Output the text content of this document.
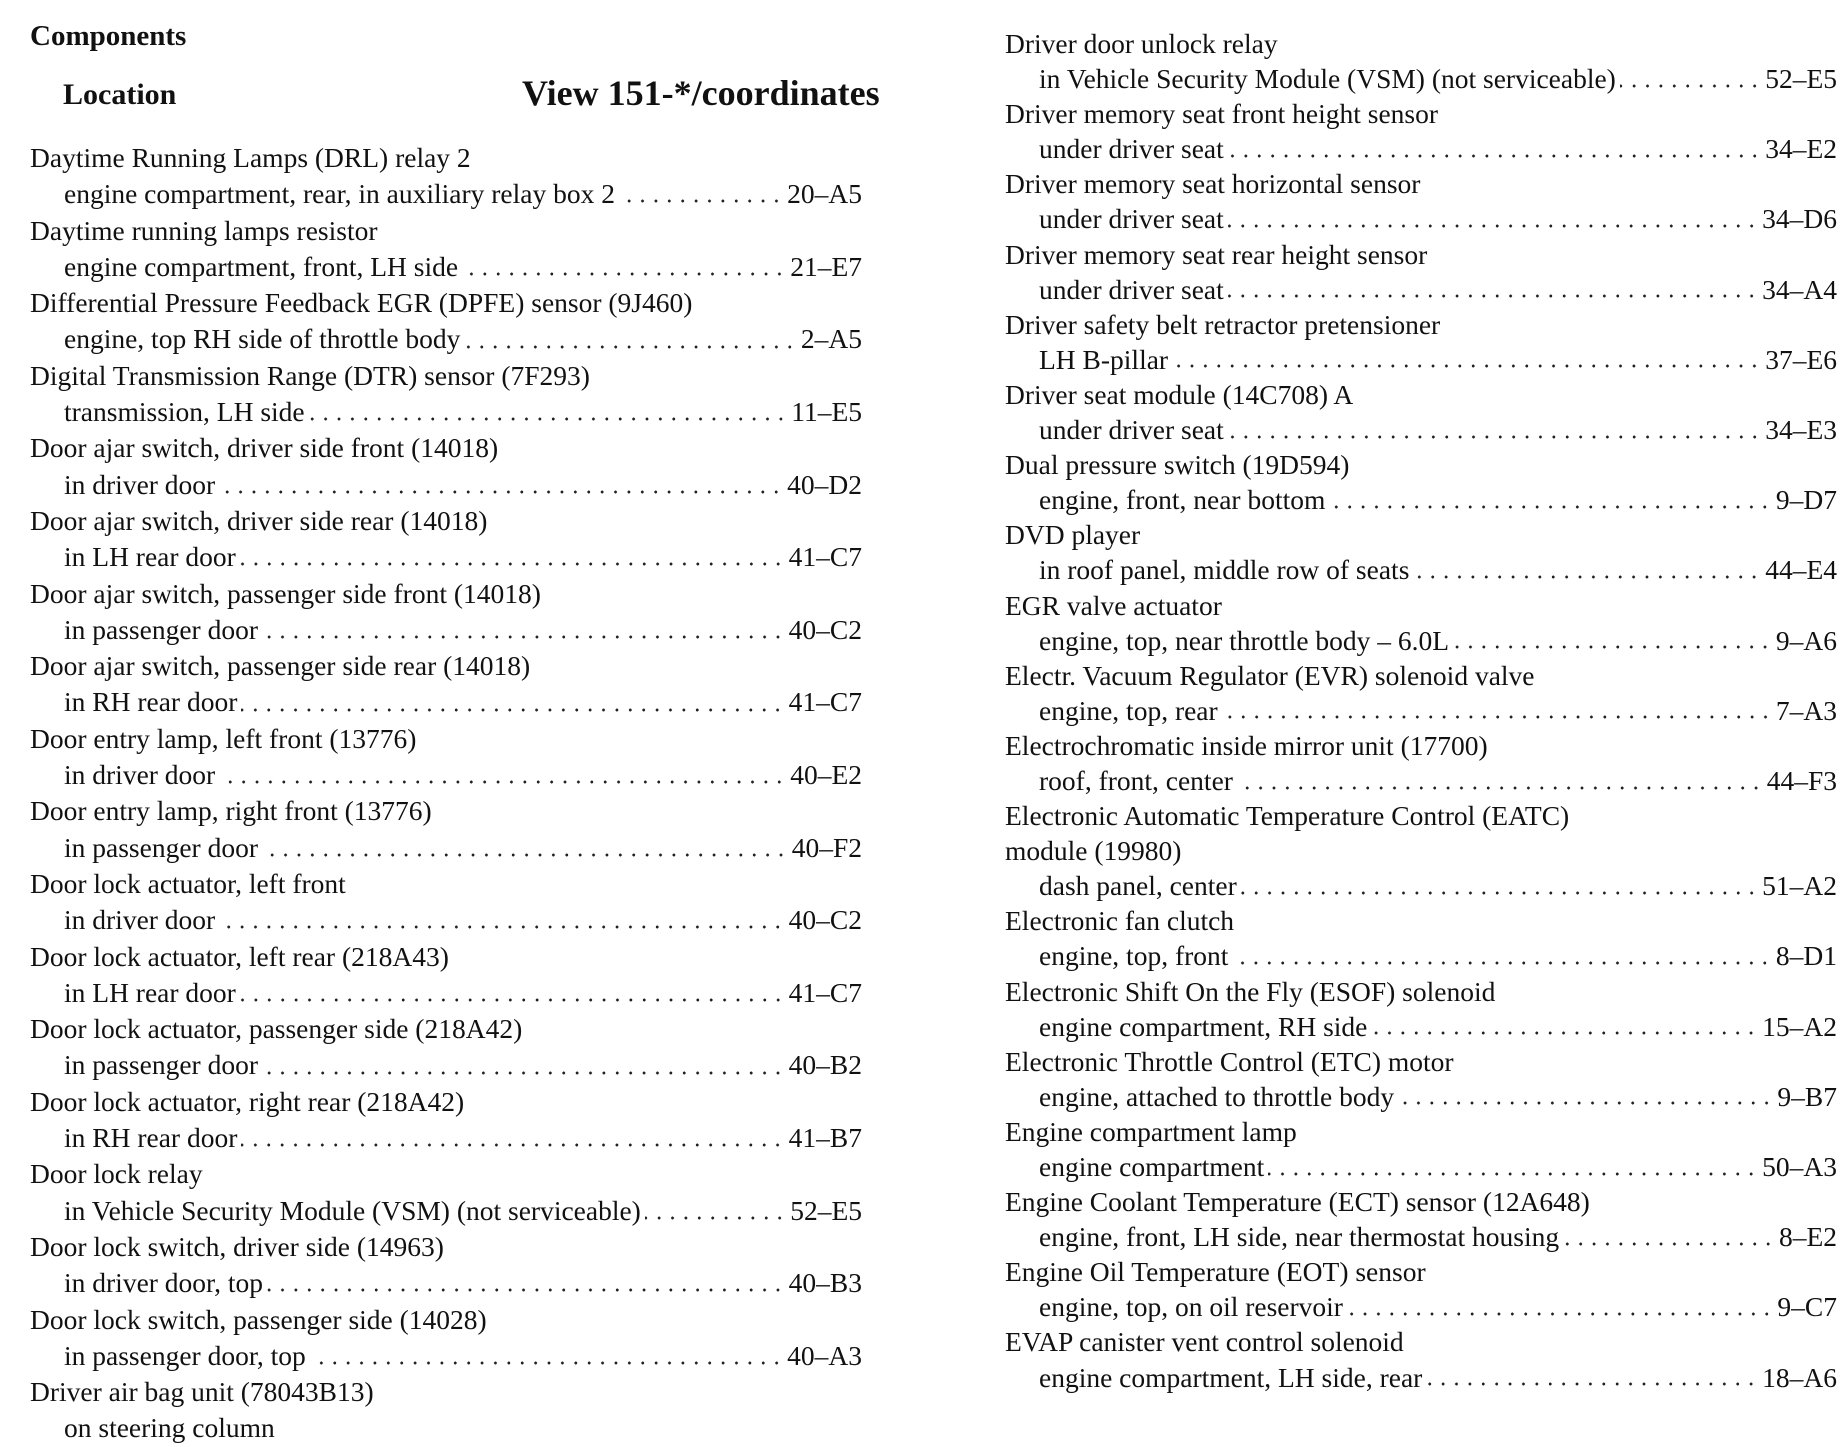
Components
Location	View 151-*/coordinates
Daytime Running Lamps (DRL) relay 2
engine compartment, rear, in auxiliary relay box 2	20–A5
Daytime running lamps resistor
engine compartment, front, LH side	21–E7
Differential Pressure Feedback EGR (DPFE) sensor (9J460)
engine, top RH side of throttle body	2–A5
Digital Transmission Range (DTR) sensor (7F293)
transmission, LH side	11–E5
Door ajar switch, driver side front (14018)
in driver door	40–D2
Door ajar switch, driver side rear (14018)
in LH rear door	41–C7
Door ajar switch, passenger side front (14018)
in passenger door	40–C2
Door ajar switch, passenger side rear (14018)
in RH rear door	41–C7
Door entry lamp, left front (13776)
in driver door	40–E2
Door entry lamp, right front (13776)
in passenger door	40–F2
Door lock actuator, left front
in driver door	40–C2
Door lock actuator, left rear (218A43)
in LH rear door	41–C7
Door lock actuator, passenger side (218A42)
in passenger door	40–B2
Door lock actuator, right rear (218A42)
in RH rear door	41–B7
Door lock relay
in Vehicle Security Module (VSM) (not serviceable)	52–E5
Door lock switch, driver side (14963)
in driver door, top	40–B3
Door lock switch, passenger side (14028)
in passenger door, top	40–A3
Driver air bag unit (78043B13)
on steering column
Driver door unlock relay
in Vehicle Security Module (VSM) (not serviceable)	52–E5
Driver memory seat front height sensor
under driver seat	34–E2
Driver memory seat horizontal sensor
under driver seat	34–D6
Driver memory seat rear height sensor
under driver seat	34–A4
Driver safety belt retractor pretensioner
LH B-pillar	37–E6
Driver seat module (14C708) A
under driver seat	34–E3
Dual pressure switch (19D594)
engine, front, near bottom	9–D7
DVD player
in roof panel, middle row of seats	44–E4
EGR valve actuator
engine, top, near throttle body – 6.0L	9–A6
Electr. Vacuum Regulator (EVR) solenoid valve
engine, top, rear	7–A3
Electrochromatic inside mirror unit (17700)
roof, front, center	44–F3
Electronic Automatic Temperature Control (EATC)
module (19980)
dash panel, center	51–A2
Electronic fan clutch
engine, top, front	8–D1
Electronic Shift On the Fly (ESOF) solenoid
engine compartment, RH side	15–A2
Electronic Throttle Control (ETC) motor
engine, attached to throttle body	9–B7
Engine compartment lamp
engine compartment	50–A3
Engine Coolant Temperature (ECT) sensor (12A648)
engine, front, LH side, near thermostat housing	8–E2
Engine Oil Temperature (EOT) sensor
engine, top, on oil reservoir	9–C7
EVAP canister vent control solenoid
engine compartment, LH side, rear	18–A6
